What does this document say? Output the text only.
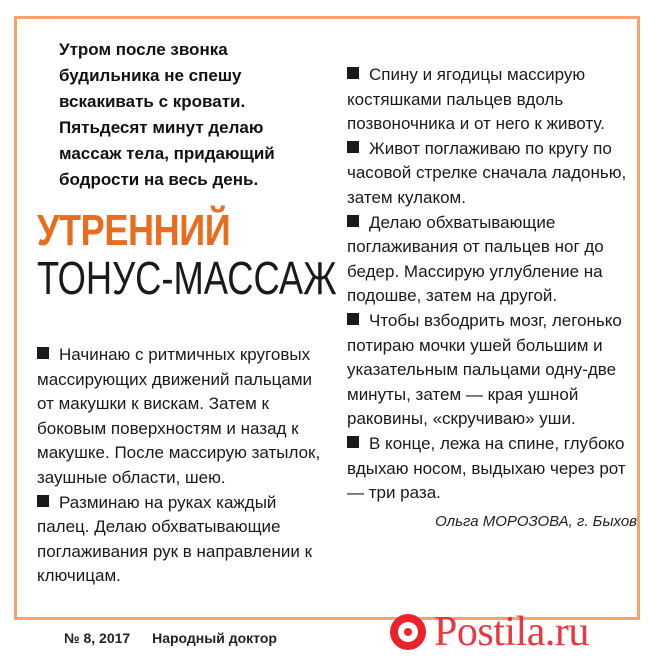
Утром после звонка будильника не спешу вскакивать с кровати. Пятьдесят минут делаю массаж тела, придающий бодрости на весь день.
УТРЕННИЙ
ТОНУС-МАССАЖ
Начинаю с ритмичных круговых массирующих движений пальцами от макушки к вискам. Затем к боковым поверхностям и назад к макушке. После массирую затылок, заушные области, шею.
Разминаю на руках каждый палец. Делаю обхватывающие поглаживания рук в направлении к ключицам.
Спину и ягодицы массирую костяшками пальцев вдоль позвоночника и от него к животу.
Живот поглаживаю по кругу по часовой стрелке сначала ладонью, затем кулаком.
Делаю обхватывающие поглаживания от пальцев ног до бедер. Массирую углубление на подошве, затем на другой.
Чтобы взбодрить мозг, легонько потираю мочки ушей большим и указательным пальцами одну-две минуты, затем — края ушной раковины, «скручиваю» уши.
В конце, лежа на спине, глубоко вдыхаю носом, выдыхаю через рот — три раза.
Ольга МОРОЗОВА, г. Быхов
№ 8, 2017 Народный доктор	Postila.ru
